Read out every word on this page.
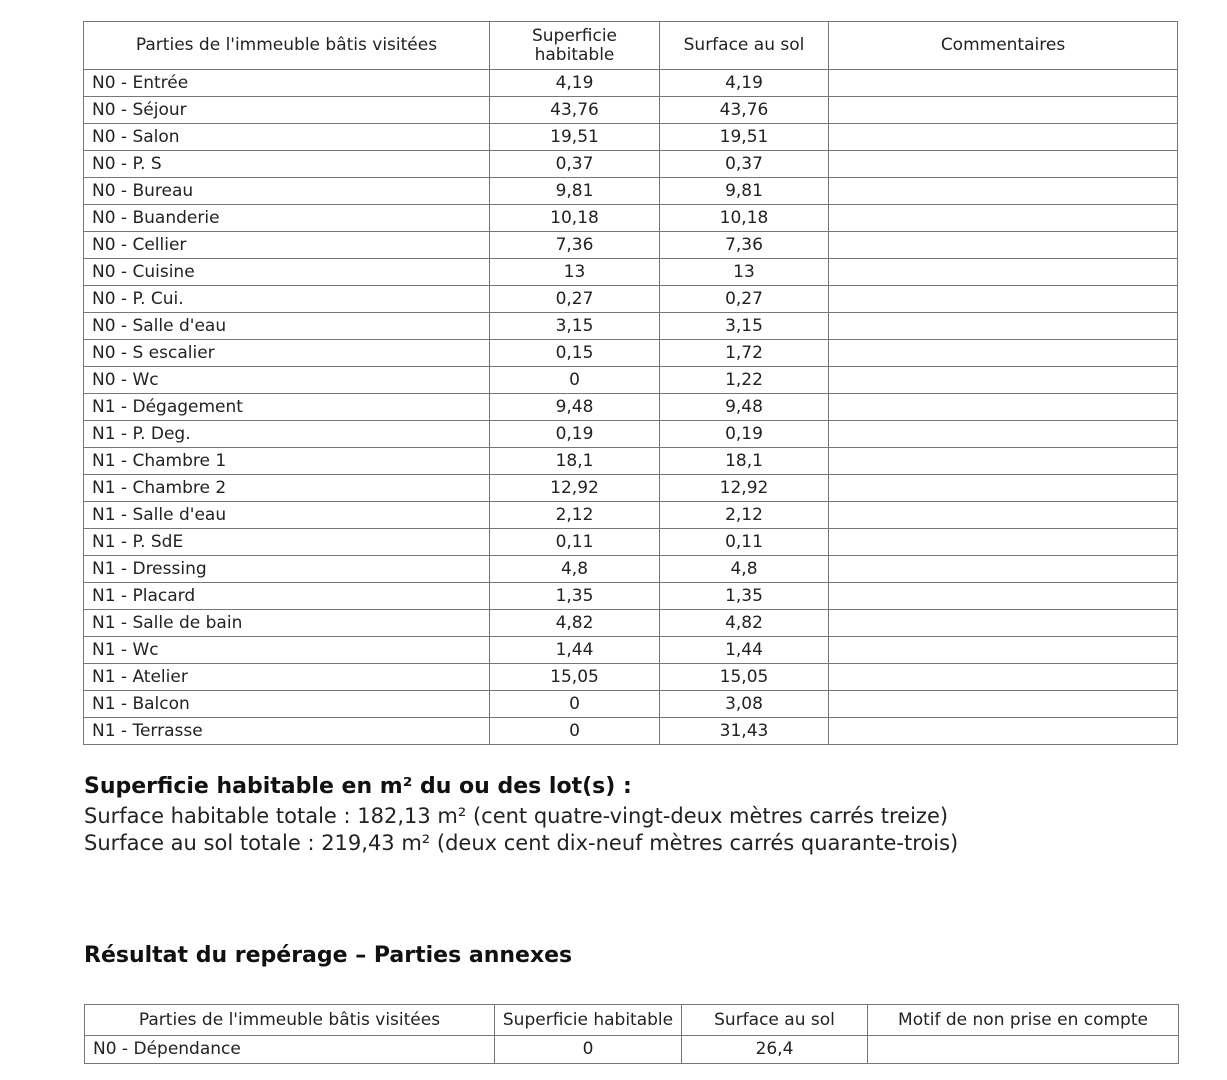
Parties de l'immeuble bâtis visitées	Superficie habitable	Surface au sol	Commentaires
N0 - Entrée	4,19	4,19	
N0 - Séjour	43,76	43,76	
N0 - Salon	19,51	19,51	
N0 - P. S	0,37	0,37	
N0 - Bureau	9,81	9,81	
N0 - Buanderie	10,18	10,18	
N0 - Cellier	7,36	7,36	
N0 - Cuisine	13	13	
N0 - P. Cui.	0,27	0,27	
N0 - Salle d'eau	3,15	3,15	
N0 - S escalier	0,15	1,72	
N0 - Wc	0	1,22	
N1 - Dégagement	9,48	9,48	
N1 - P. Deg.	0,19	0,19	
N1 - Chambre 1	18,1	18,1	
N1 - Chambre 2	12,92	12,92	
N1 - Salle d'eau	2,12	2,12	
N1 - P. SdE	0,11	0,11	
N1 - Dressing	4,8	4,8	
N1 - Placard	1,35	1,35	
N1 - Salle de bain	4,82	4,82	
N1 - Wc	1,44	1,44	
N1 - Atelier	15,05	15,05	
N1 - Balcon	0	3,08	
N1 - Terrasse	0	31,43	
Superficie habitable en m² du ou des lot(s) :

Surface habitable totale : 182,13 m² (cent quatre-vingt-deux mètres carrés treize)

Surface au sol totale : 219,43 m² (deux cent dix-neuf mètres carrés quarante-trois)

Résultat du repérage – Parties annexes
Parties de l'immeuble bâtis visitées	Superficie habitable	Surface au sol	Motif de non prise en compte
N0 - Dépendance	0	26,4	
